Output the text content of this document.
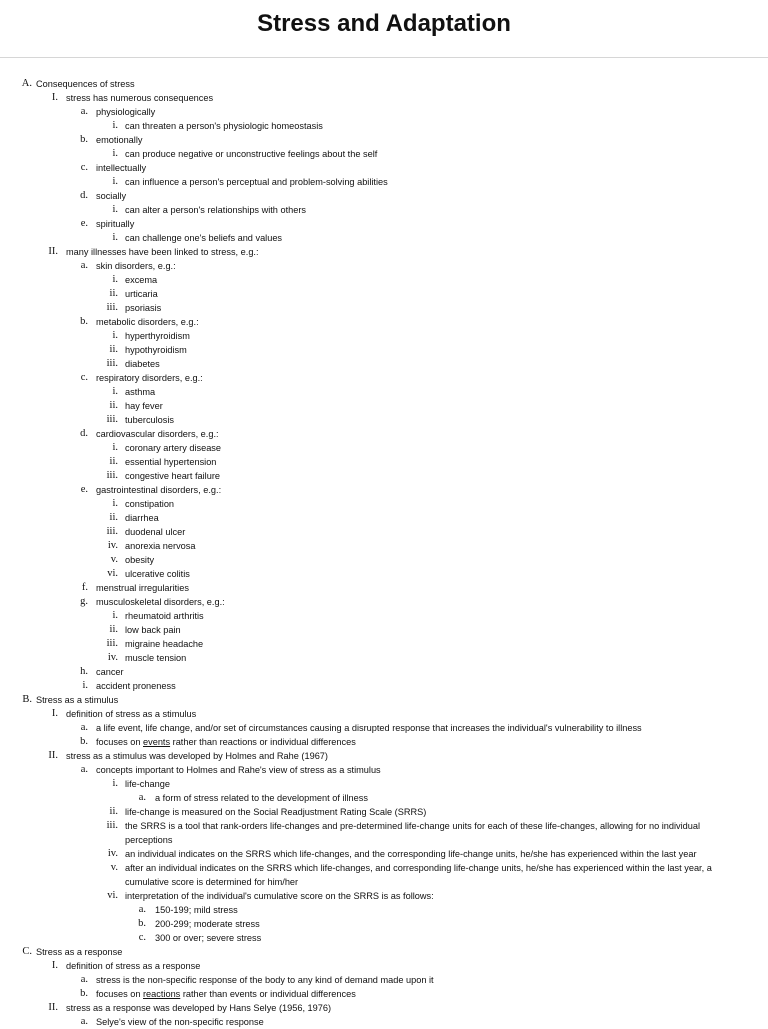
Stress and Adaptation
A. Consequences of stress
I. stress has numerous consequences
a. physiologically
i. can threaten a person's physiologic homeostasis
b. emotionally
i. can produce negative or unconstructive feelings about the self
c. intellectually
i. can influence a person's perceptual and problem-solving abilities
d. socially
i. can alter a person's relationships with others
e. spiritually
i. can challenge one's beliefs and values
II. many illnesses have been linked to stress, e.g.:
a. skin disorders, e.g.:
i. excema
ii. urticaria
iii. psoriasis
b. metabolic disorders, e.g.:
i. hyperthyroidism
ii. hypothyroidism
iii. diabetes
c. respiratory disorders, e.g.:
i. asthma
ii. hay fever
iii. tuberculosis
d. cardiovascular disorders, e.g.:
i. coronary artery disease
ii. essential hypertension
iii. congestive heart failure
e. gastrointestinal disorders, e.g.:
i. constipation
ii. diarrhea
iii. duodenal ulcer
iv. anorexia nervosa
v. obesity
vi. ulcerative colitis
f. menstrual irregularities
g. musculoskeletal disorders, e.g.:
i. rheumatoid arthritis
ii. low back pain
iii. migraine headache
iv. muscle tension
h. cancer
i. accident proneness
B. Stress as a stimulus
I. definition of stress as a stimulus
a. a life event, life change, and/or set of circumstances causing a disrupted response that increases the individual's vulnerability to illness
b. focuses on events rather than reactions or individual differences
II. stress as a stimulus was developed by Holmes and Rahe (1967)
a. concepts important to Holmes and Rahe's view of stress as a stimulus
i. life-change
a. a form of stress related to the development of illness
ii. life-change is measured on the Social Readjustment Rating Scale (SRRS)
iii. the SRRS is a tool that rank-orders life-changes and pre-determined life-change units for each of these life-changes, allowing for no individual perceptions
iv. an individual indicates on the SRRS which life-changes, and the corresponding life-change units, he/she has experienced within the last year
v. after an individual indicates on the SRRS which life-changes, and corresponding life-change units, he/she has experienced within the last year, a cumulative score is determined for him/her
vi. interpretation of the individual's cumulative score on the SRRS is as follows:
a. 150-199; mild stress
b. 200-299; moderate stress
c. 300 or over; severe stress
C. Stress as a response
I. definition of stress as a response
a. stress is the non-specific response of the body to any kind of demand made upon it
b. focuses on reactions rather than events or individual differences
II. stress as a response was developed by Hans Selye (1956, 1976)
a. Selye's view of the non-specific response
